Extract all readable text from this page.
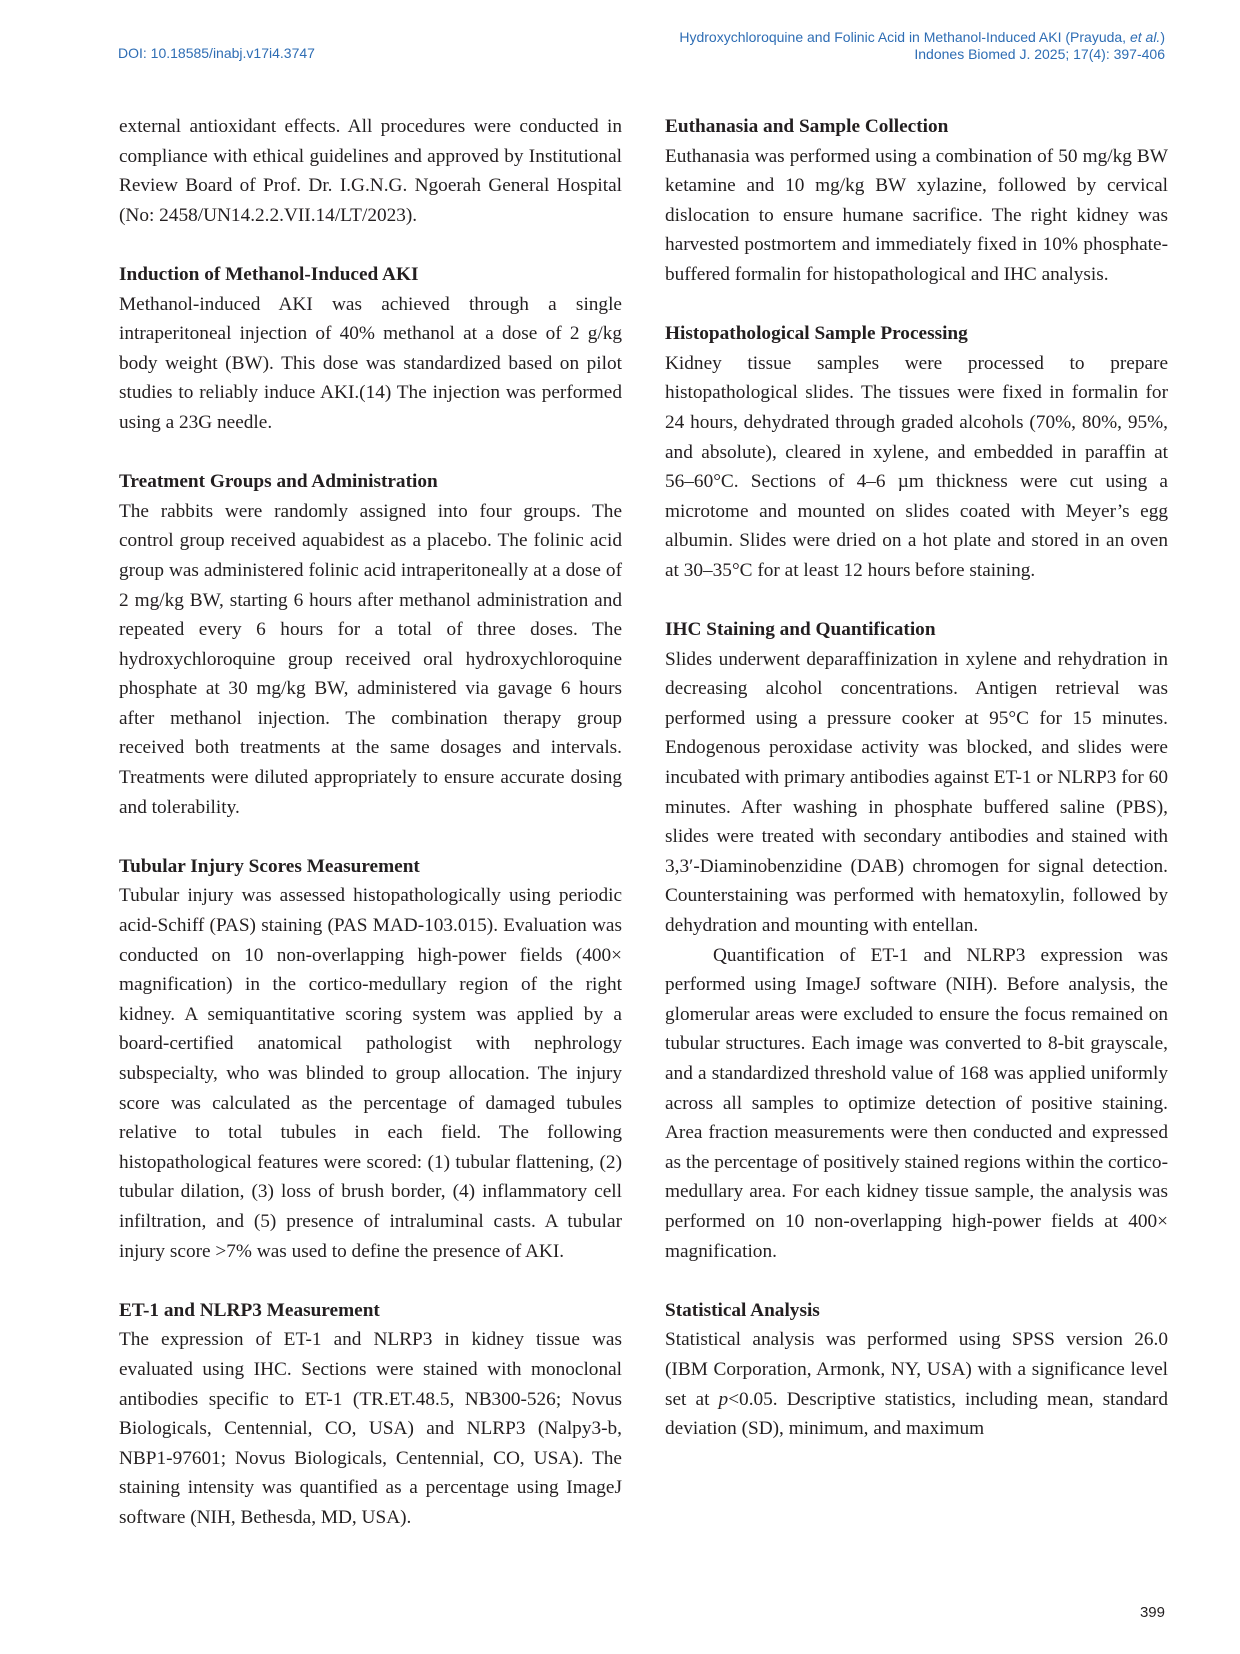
DOI: 10.18585/inabj.v17i4.3747
Hydroxychloroquine and Folinic Acid in Methanol-Induced AKI (Prayuda, et al.)
Indones Biomed J. 2025; 17(4): 397-406

external antioxidant effects. All procedures were conducted in compliance with ethical guidelines and approved by Institutional Review Board of Prof. Dr. I.G.N.G. Ngoerah General Hospital (No: 2458/UN14.2.2.VII.14/LT/2023).

Induction of Methanol-Induced AKI

Methanol-induced AKI was achieved through a single intraperitoneal injection of 40% methanol at a dose of 2 g/kg body weight (BW). This dose was standardized based on pilot studies to reliably induce AKI.(14) The injection was performed using a 23G needle.

Treatment Groups and Administration

The rabbits were randomly assigned into four groups. The control group received aquabidest as a placebo. The folinic acid group was administered folinic acid intraperitoneally at a dose of 2 mg/kg BW, starting 6 hours after methanol administration and repeated every 6 hours for a total of three doses. The hydroxychloroquine group received oral hydroxychloroquine phosphate at 30 mg/kg BW, administered via gavage 6 hours after methanol injection. The combination therapy group received both treatments at the same dosages and intervals. Treatments were diluted appropriately to ensure accurate dosing and tolerability.

Tubular Injury Scores Measurement

Tubular injury was assessed histopathologically using periodic acid-Schiff (PAS) staining (PAS MAD-103.015). Evaluation was conducted on 10 non-overlapping high-power fields (400× magnification) in the cortico-medullary region of the right kidney. A semiquantitative scoring system was applied by a board-certified anatomical pathologist with nephrology subspecialty, who was blinded to group allocation. The injury score was calculated as the percentage of damaged tubules relative to total tubules in each field. The following histopathological features were scored: (1) tubular flattening, (2) tubular dilation, (3) loss of brush border, (4) inflammatory cell infiltration, and (5) presence of intraluminal casts. A tubular injury score >7% was used to define the presence of AKI.

ET-1 and NLRP3 Measurement

The expression of ET-1 and NLRP3 in kidney tissue was evaluated using IHC. Sections were stained with monoclonal antibodies specific to ET-1 (TR.ET.48.5, NB300-526; Novus Biologicals, Centennial, CO, USA) and NLRP3 (Nalpy3-b, NBP1-97601; Novus Biologicals, Centennial, CO, USA). The staining intensity was quantified as a percentage using ImageJ software (NIH, Bethesda, MD, USA).

Euthanasia and Sample Collection

Euthanasia was performed using a combination of 50 mg/kg BW ketamine and 10 mg/kg BW xylazine, followed by cervical dislocation to ensure humane sacrifice. The right kidney was harvested postmortem and immediately fixed in 10% phosphate-buffered formalin for histopathological and IHC analysis.

Histopathological Sample Processing

Kidney tissue samples were processed to prepare histopathological slides. The tissues were fixed in formalin for 24 hours, dehydrated through graded alcohols (70%, 80%, 95%, and absolute), cleared in xylene, and embedded in paraffin at 56–60°C. Sections of 4–6 µm thickness were cut using a microtome and mounted on slides coated with Meyer’s egg albumin. Slides were dried on a hot plate and stored in an oven at 30–35°C for at least 12 hours before staining.

IHC Staining and Quantification

Slides underwent deparaffinization in xylene and rehydration in decreasing alcohol concentrations. Antigen retrieval was performed using a pressure cooker at 95°C for 15 minutes. Endogenous peroxidase activity was blocked, and slides were incubated with primary antibodies against ET-1 or NLRP3 for 60 minutes. After washing in phosphate buffered saline (PBS), slides were treated with secondary antibodies and stained with 3,3′-Diaminobenzidine (DAB) chromogen for signal detection. Counterstaining was performed with hematoxylin, followed by dehydration and mounting with entellan.

Quantification of ET-1 and NLRP3 expression was performed using ImageJ software (NIH). Before analysis, the glomerular areas were excluded to ensure the focus remained on tubular structures. Each image was converted to 8-bit grayscale, and a standardized threshold value of 168 was applied uniformly across all samples to optimize detection of positive staining. Area fraction measurements were then conducted and expressed as the percentage of positively stained regions within the cortico-medullary area. For each kidney tissue sample, the analysis was performed on 10 non-overlapping high-power fields at 400× magnification.

Statistical Analysis

Statistical analysis was performed using SPSS version 26.0 (IBM Corporation, Armonk, NY, USA) with a significance level set at p<0.05. Descriptive statistics, including mean, standard deviation (SD), minimum, and maximum

399
